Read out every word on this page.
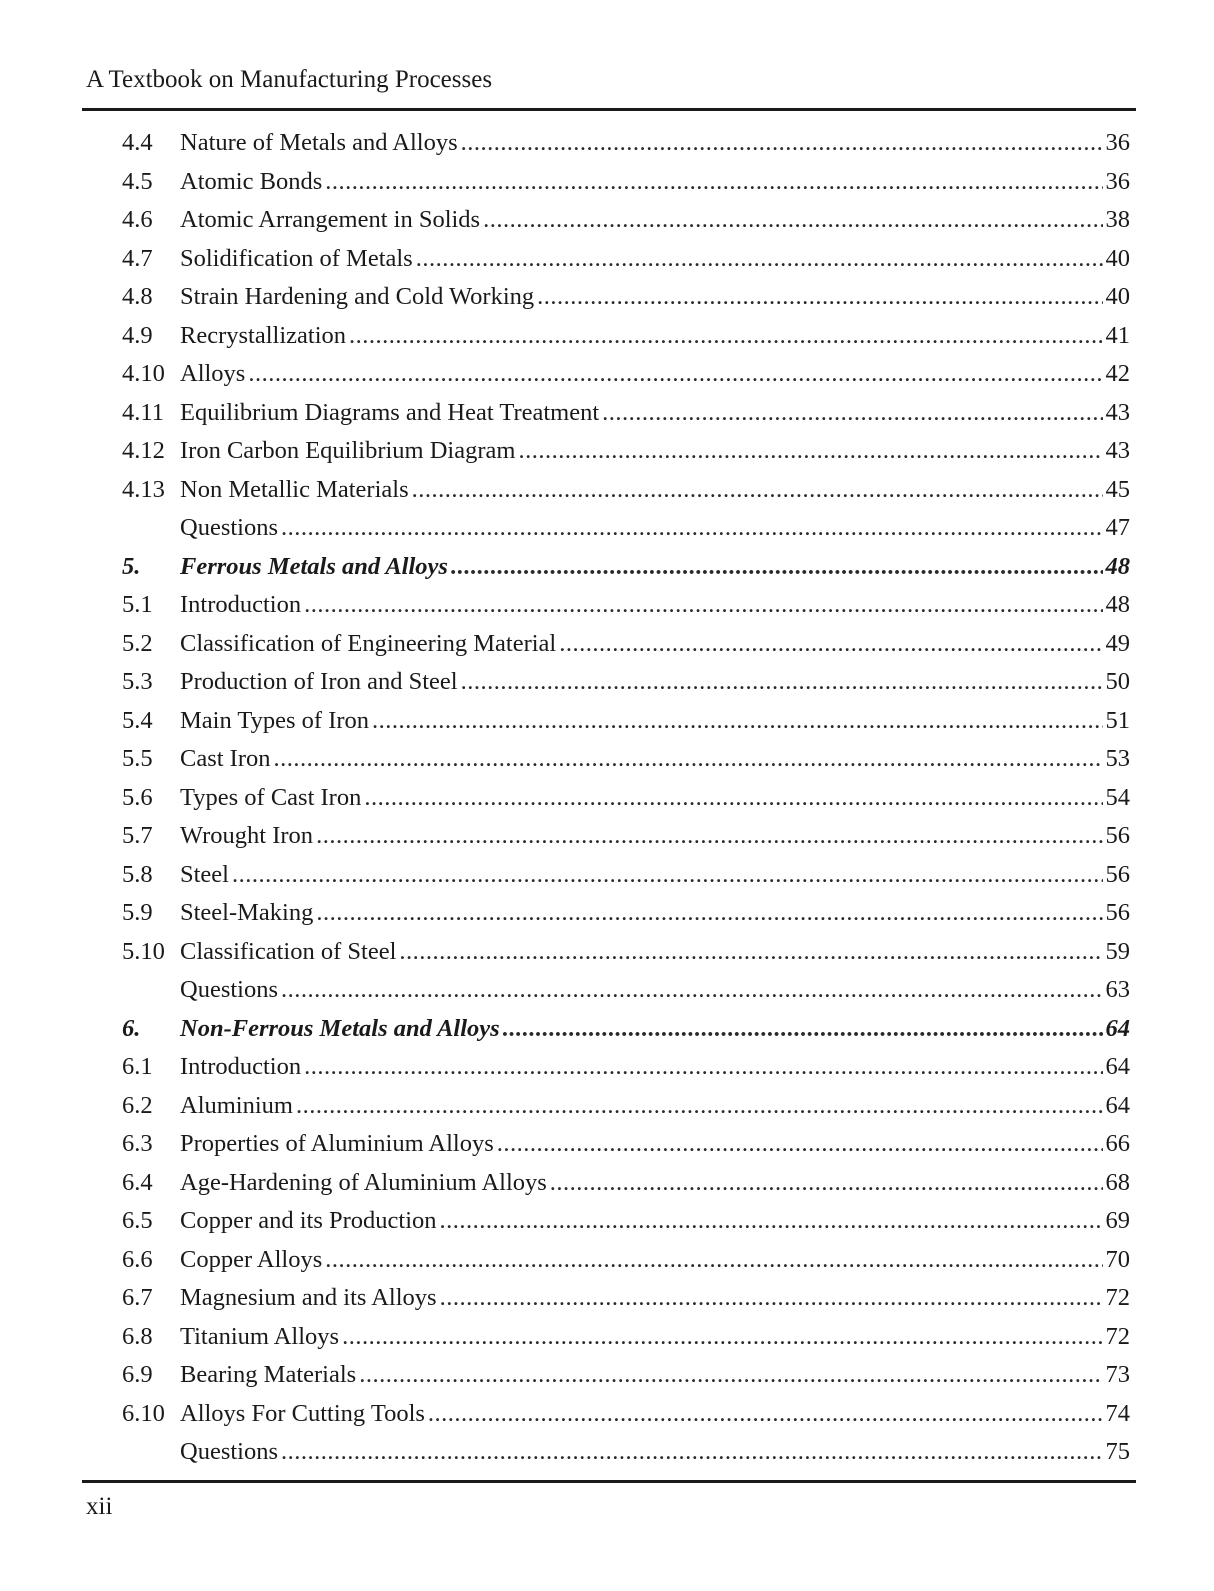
A Textbook on Manufacturing Processes
4.4	Nature of Metals and Alloys .....	36
4.5	Atomic Bonds .....	36
4.6	Atomic Arrangement in Solids .....	38
4.7	Solidification of Metals .....	40
4.8	Strain Hardening and Cold Working .....	40
4.9	Recrystallization .....	41
4.10 Alloys .....	42
4.11 Equilibrium Diagrams and Heat Treatment .....	43
4.12 Iron Carbon Equilibrium Diagram .....	43
4.13 Non Metallic Materials .....	45
Questions .....	47
5.	Ferrous Metals and Alloys .....	48
5.1	Introduction .....	48
5.2	Classification of Engineering Material .....	49
5.3	Production of Iron and Steel .....	50
5.4	Main Types of Iron .....	51
5.5	Cast Iron .....	53
5.6	Types of Cast Iron .....	54
5.7	Wrought Iron .....	56
5.8	Steel .....	56
5.9	Steel-Making .....	56
5.10 Classification of Steel .....	59
Questions .....	63
6.	Non-Ferrous Metals and Alloys .....	64
6.1	Introduction .....	64
6.2	Aluminium .....	64
6.3	Properties of Aluminium Alloys .....	66
6.4	Age-Hardening of Aluminium Alloys .....	68
6.5	Copper and its Production .....	69
6.6	Copper Alloys .....	70
6.7	Magnesium and its Alloys .....	72
6.8	Titanium Alloys .....	72
6.9	Bearing Materials .....	73
6.10 Alloys For Cutting Tools .....	74
Questions .....	75
xii
